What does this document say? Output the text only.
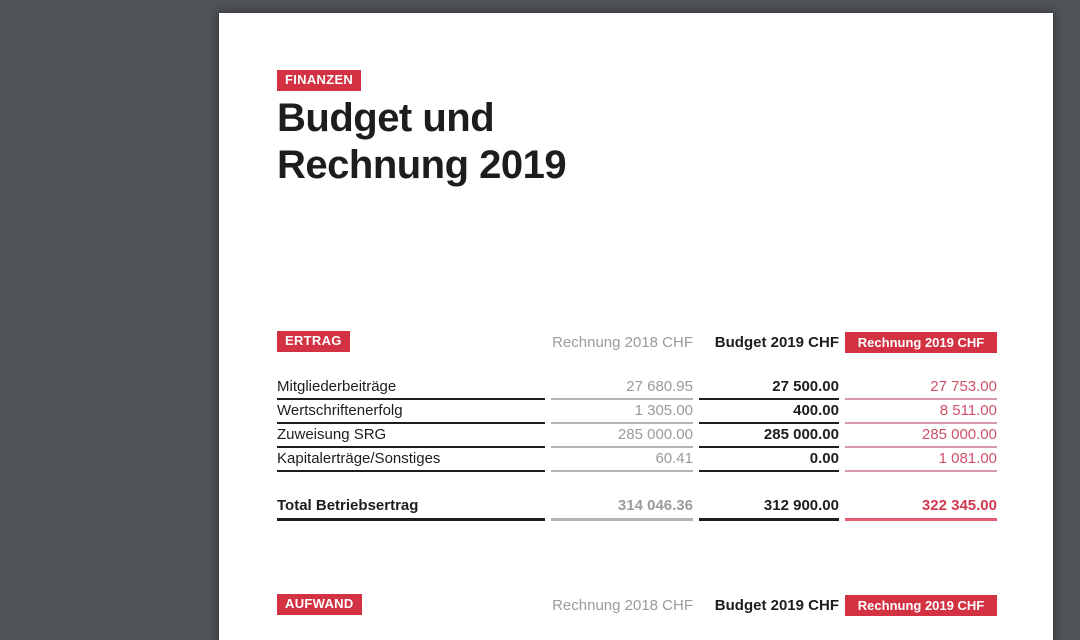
FINANZEN
Budget und
Rechnung 2019
ERTRAG	Rechnung 2018 CHF	Budget 2019 CHF	Rechnung 2019 CHF
Mitgliederbeiträge	27 680.95	27 500.00	27 753.00
Wertschriftenerfolg	1 305.00	400.00	8 511.00
Zuweisung SRG	285 000.00	285 000.00	285 000.00
Kapitalerträge/Sonstiges	60.41	0.00	1 081.00
Total Betriebsertrag	314 046.36	312 900.00	322 345.00
AUFWAND	Rechnung 2018 CHF	Budget 2019 CHF	Rechnung 2019 CHF
